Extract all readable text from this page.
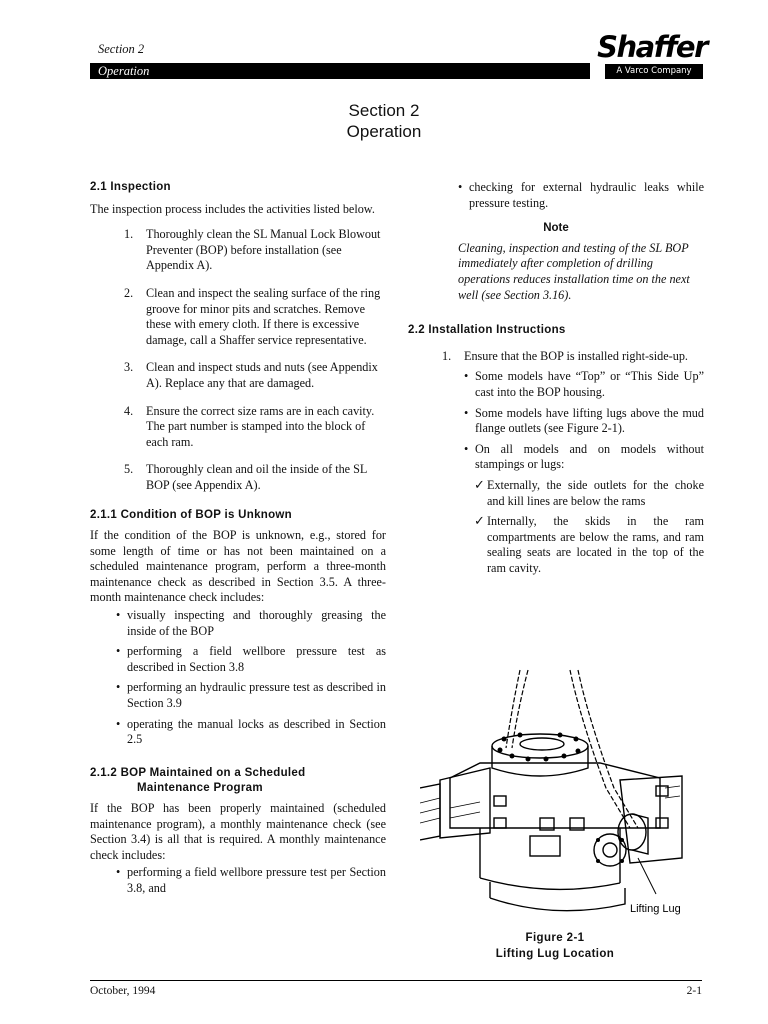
Section 2
Operation
Shaffer
A Varco Company
Section 2
Operation
2.1 Inspection

The inspection process includes the activities listed below.

1.	Thoroughly clean the SL Manual Lock Blowout Preventer (BOP) before installation (see Appendix A).
2.	Clean and inspect the sealing surface of the ring groove for minor pits and scratches. Remove these with emery cloth. If there is excessive damage, call a Shaffer service representative.
3.	Clean and inspect studs and nuts (see Appendix A). Replace any that are damaged.
4.	Ensure the correct size rams are in each cavity. The part number is stamped into the block of each ram.
5.	Thoroughly clean and oil the inside of the SL BOP (see Appendix A).
2.1.1 Condition of BOP is Unknown

If the condition of the BOP is unknown, e.g., stored for some length of time or has not been maintained on a scheduled maintenance program, perform a three-month maintenance check as described in Section 3.5. A three-month maintenance check includes:

• visually inspecting and thoroughly greasing the inside of the BOP
• performing a field wellbore pressure test as described in Section 3.8
• performing an hydraulic pressure test as described in Section 3.9
• operating the manual locks as described in Section 2.5
2.1.2 BOP Maintained on a Scheduled
Maintenance Program

If the BOP has been properly maintained (scheduled maintenance program), a monthly maintenance check (see Section 3.4) is all that is required. A monthly maintenance check includes:

• performing a field wellbore pressure test per Section 3.8, and
• checking for external hydraulic leaks while pressure testing.
Note

Cleaning, inspection and testing of the SL BOP immediately after completion of drilling operations reduces installation time on the next well (see Section 3.16).

2.2 Installation Instructions
1.	Ensure that the BOP is installed right-side-up.
• Some models have “Top” or “This Side Up” cast into the BOP housing.
• Some models have lifting lugs above the mud flange outlets (see Figure 2-1).
• On all models and on models without stampings or lugs:
✓ Externally, the side outlets for the choke and kill lines are below the rams
✓ Internally, the skids in the ram compartments are below the rams, and ram sealing seats are located in the top of the ram cavity.
Lifting Lug
Figure 2-1
Lifting Lug Location
October, 1994	2-1
